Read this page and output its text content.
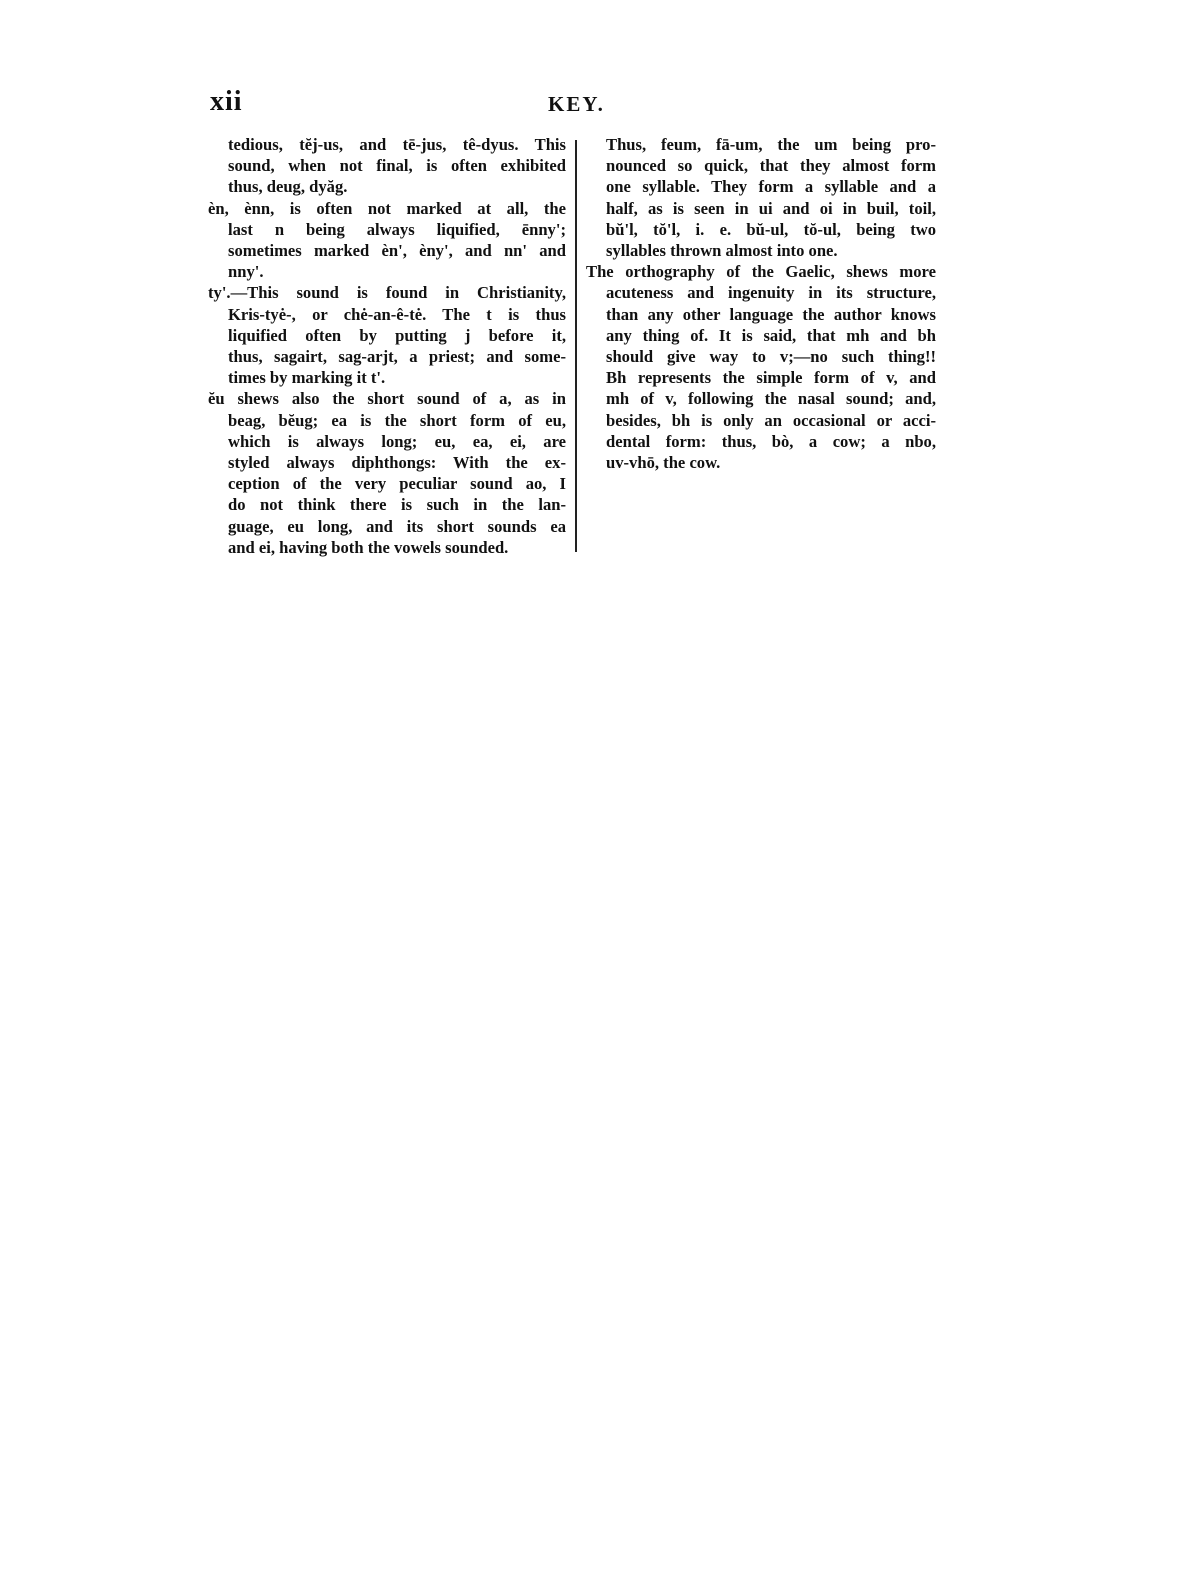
xii	KEY.
tedious, tĕj-us, and tē-jus, tê-dyus. This
sound, when not final, is often exhibited
thus, deug, dyăg.
ѐn, ѐnn, is often not marked at all, the
last n being always liquified, ēnny';
sometimes marked ѐn', ѐny', and nn' and
nny'.
ty'.—This sound is found in Christianity,
Kris-tyė-, or chė-an-ê-tė. The t is thus
liquified often by putting j before it,
thus, sagairt, sag-arjt, a priest; and some-
times by marking it t'.
ĕu shews also the short sound of a, as in
beag, bĕug; ea is the short form of eu,
which is always long; eu, ea, ei, are
styled always diphthongs: With the ex-
ception of the very peculiar sound ao, I
do not think there is such in the lan-
guage, eu long, and its short sounds ea
and ei, having both the vowels sounded.
Thus, feum, fā-um, the um being pro-
nounced so quick, that they almost form
one syllable. They form a syllable and a
half, as is seen in ui and oi in buil, toil,
bŭ'l, tŏ'l, i. e. bŭ-ul, tŏ-ul, being two
syllables thrown almost into one.
The orthography of the Gaelic, shews more
acuteness and ingenuity in its structure,
than any other language the author knows
any thing of. It is said, that mh and bh
should give way to v;—no such thing!!
Bh represents the simple form of v, and
mh of v, following the nasal sound; and,
besides, bh is only an occasional or acci-
dental form: thus, bò, a cow; a nbo,
uv-vhō, the cow.
